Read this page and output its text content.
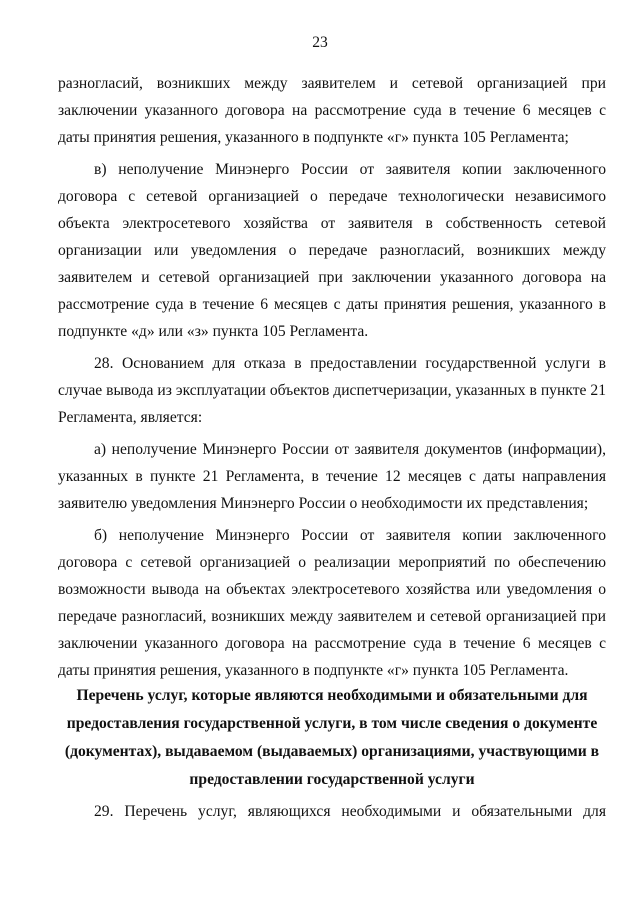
23

разногласий, возникших между заявителем и сетевой организацией при заключении указанного договора на рассмотрение суда в течение 6 месяцев с даты принятия решения, указанного в подпункте «г» пункта 105 Регламента;

в) неполучение Минэнерго России от заявителя копии заключенного договора с сетевой организацией о передаче технологически независимого объекта электросетевого хозяйства от заявителя в собственность сетевой организации или уведомления о передаче разногласий, возникших между заявителем и сетевой организацией при заключении указанного договора на рассмотрение суда в течение 6 месяцев с даты принятия решения, указанного в подпункте «д» или «з» пункта 105 Регламента.

28. Основанием для отказа в предоставлении государственной услуги в случае вывода из эксплуатации объектов диспетчеризации, указанных в пункте 21 Регламента, является:

а) неполучение Минэнерго России от заявителя документов (информации), указанных в пункте 21 Регламента, в течение 12 месяцев с даты направления заявителю уведомления Минэнерго России о необходимости их представления;

б) неполучение Минэнерго России от заявителя копии заключенного договора с сетевой организацией о реализации мероприятий по обеспечению возможности вывода на объектах электросетевого хозяйства или уведомления о передаче разногласий, возникших между заявителем и сетевой организацией при заключении указанного договора на рассмотрение суда в течение 6 месяцев с даты принятия решения, указанного в подпункте «г» пункта 105 Регламента.

Перечень услуг, которые являются необходимыми и обязательными для предоставления государственной услуги, в том числе сведения о документе (документах), выдаваемом (выдаваемых) организациями, участвующими в предоставлении государственной услуги

29. Перечень услуг, являющихся необходимыми и обязательными для
